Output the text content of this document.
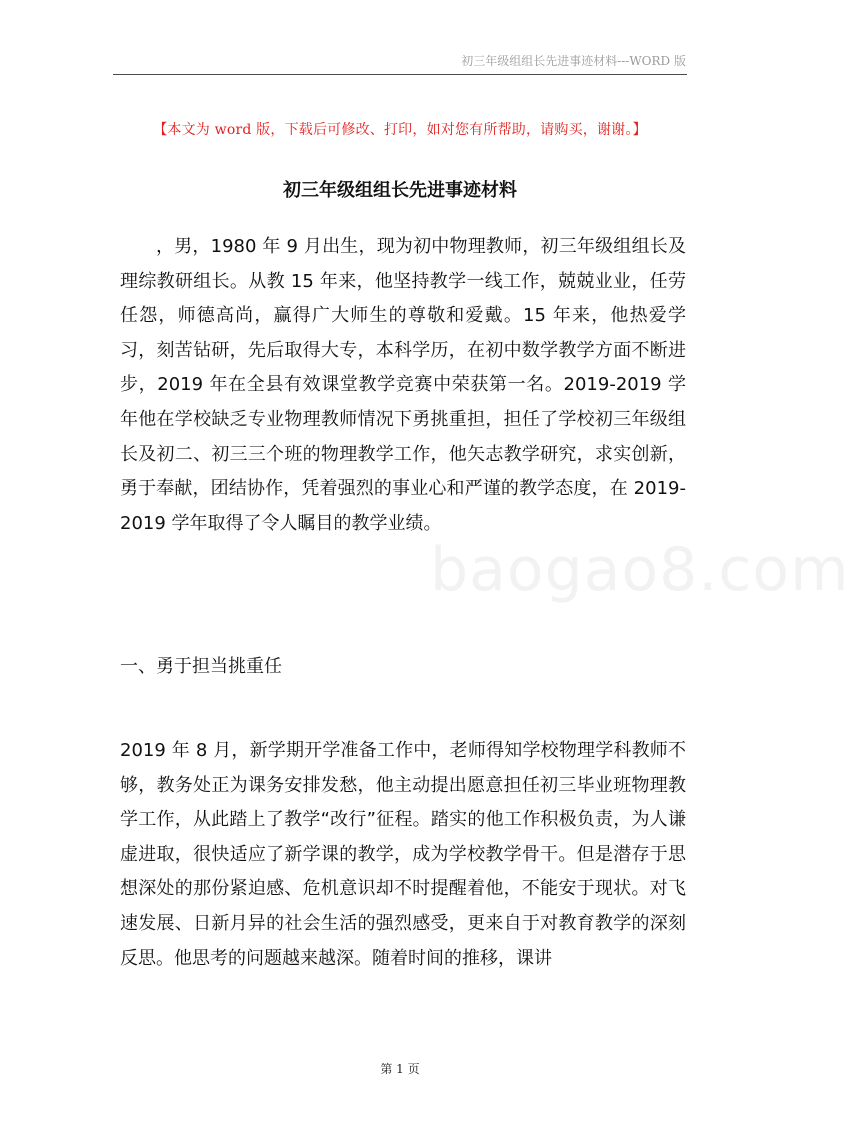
初三年级组组长先进事迹材料---WORD 版
【本文为 word 版，下载后可修改、打印，如对您有所帮助，请购买，谢谢。】
初三年级组组长先进事迹材料
，男，1980 年 9 月出生，现为初中物理教师，初三年级组组长及理综教研组长。从教 15 年来，他坚持教学一线工作，兢兢业业，任劳任怨，师德高尚，赢得广大师生的尊敬和爱戴。15 年来，他热爱学习，刻苦钻研，先后取得大专，本科学历，在初中数学教学方面不断进步，2019 年在全县有效课堂教学竞赛中荣获第一名。2019-2019 学年他在学校缺乏专业物理教师情况下勇挑重担，担任了学校初三年级组长及初二、初三三个班的物理教学工作，他矢志教学研究，求实创新，勇于奉献，团结协作，凭着强烈的事业心和严谨的教学态度，在 2019-2019 学年取得了令人瞩目的教学业绩。
一、勇于担当挑重任
2019 年 8 月，新学期开学准备工作中，老师得知学校物理学科教师不够，教务处正为课务安排发愁，他主动提出愿意担任初三毕业班物理教学工作，从此踏上了教学“改行”征程。踏实的他工作积极负责，为人谦虚进取，很快适应了新学课的教学，成为学校教学骨干。但是潜存于思想深处的那份紧迫感、危机意识却不时提醒着他，不能安于现状。对飞速发展、日新月异的社会生活的强烈感受，更来自于对教育教学的深刻反思。他思考的问题越来越深。随着时间的推移，课讲
baogao8.com
第 1 页
